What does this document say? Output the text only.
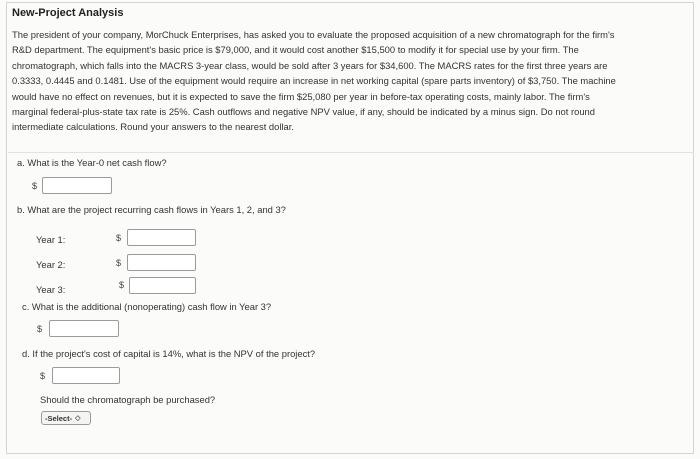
New-Project Analysis

The president of your company, MorChuck Enterprises, has asked you to evaluate the proposed acquisition of a new chromatograph for the firm's
R&D department. The equipment's basic price is $79,000, and it would cost another $15,500 to modify it for special use by your firm. The
chromatograph, which falls into the MACRS 3-year class, would be sold after 3 years for $34,600. The MACRS rates for the first three years are
0.3333, 0.4445 and 0.1481. Use of the equipment would require an increase in net working capital (spare parts inventory) of $3,750. The machine
would have no effect on revenues, but it is expected to save the firm $25,080 per year in before-tax operating costs, mainly labor. The firm's
marginal federal-plus-state tax rate is 25%. Cash outflows and negative NPV value, if any, should be indicated by a minus sign. Do not round
intermediate calculations. Round your answers to the nearest dollar.

a. What is the Year-0 net cash flow?
$
b. What are the project recurring cash flows in Years 1, 2, and 3?
Year 1:	$
Year 2:	$
Year 3:	$
c. What is the additional (nonoperating) cash flow in Year 3?
$
d. If the project's cost of capital is 14%, what is the NPV of the project?
$
Should the chromatograph be purchased?
-Select- ◇
